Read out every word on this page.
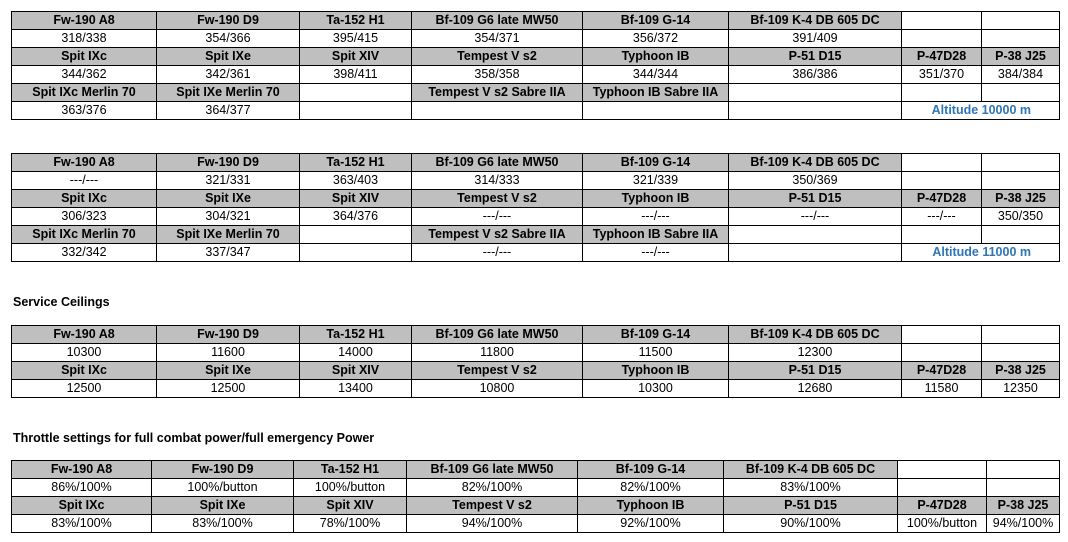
Fw-190 A8	Fw-190 D9	Ta-152 H1	Bf-109 G6 late MW50	Bf-109 G-14	Bf-109 K-4 DB 605 DC		
318/338	354/366	395/415	354/371	356/372	391/409		
Spit IXc	Spit IXe	Spit XIV	Tempest V s2	Typhoon IB	P-51 D15	P-47D28	P-38 J25
344/362	342/361	398/411	358/358	344/344	386/386	351/370	384/384
Spit IXc Merlin 70	Spit IXe Merlin 70		Tempest V s2 Sabre IIA	Typhoon IB Sabre IIA			
363/376	364/377					Altitude 10000 m	
Fw-190 A8	Fw-190 D9	Ta-152 H1	Bf-109 G6 late MW50	Bf-109 G-14	Bf-109 K-4 DB 605 DC		
---/---	321/331	363/403	314/333	321/339	350/369		
Spit IXc	Spit IXe	Spit XIV	Tempest V s2	Typhoon IB	P-51 D15	P-47D28	P-38 J25
306/323	304/321	364/376	---/---	---/---	---/---	---/---	350/350
Spit IXc Merlin 70	Spit IXe Merlin 70		Tempest V s2 Sabre IIA	Typhoon IB Sabre IIA			
332/342	337/347		---/---	---/---		Altitude 11000 m	
Service Ceilings
Fw-190 A8	Fw-190 D9	Ta-152 H1	Bf-109 G6 late MW50	Bf-109 G-14	Bf-109 K-4 DB 605 DC		
10300	11600	14000	11800	11500	12300		
Spit IXc	Spit IXe	Spit XIV	Tempest V s2	Typhoon IB	P-51 D15	P-47D28	P-38 J25
12500	12500	13400	10800	10300	12680	11580	12350
Throttle settings for full combat power/full emergency Power
Fw-190 A8	Fw-190 D9	Ta-152 H1	Bf-109 G6 late MW50	Bf-109 G-14	Bf-109 K-4 DB 605 DC		
86%/100%	100%/button	100%/button	82%/100%	82%/100%	83%/100%		
Spit IXc	Spit IXe	Spit XIV	Tempest V s2	Typhoon IB	P-51 D15	P-47D28	P-38 J25
83%/100%	83%/100%	78%/100%	94%/100%	92%/100%	90%/100%	100%/button	94%/100%
